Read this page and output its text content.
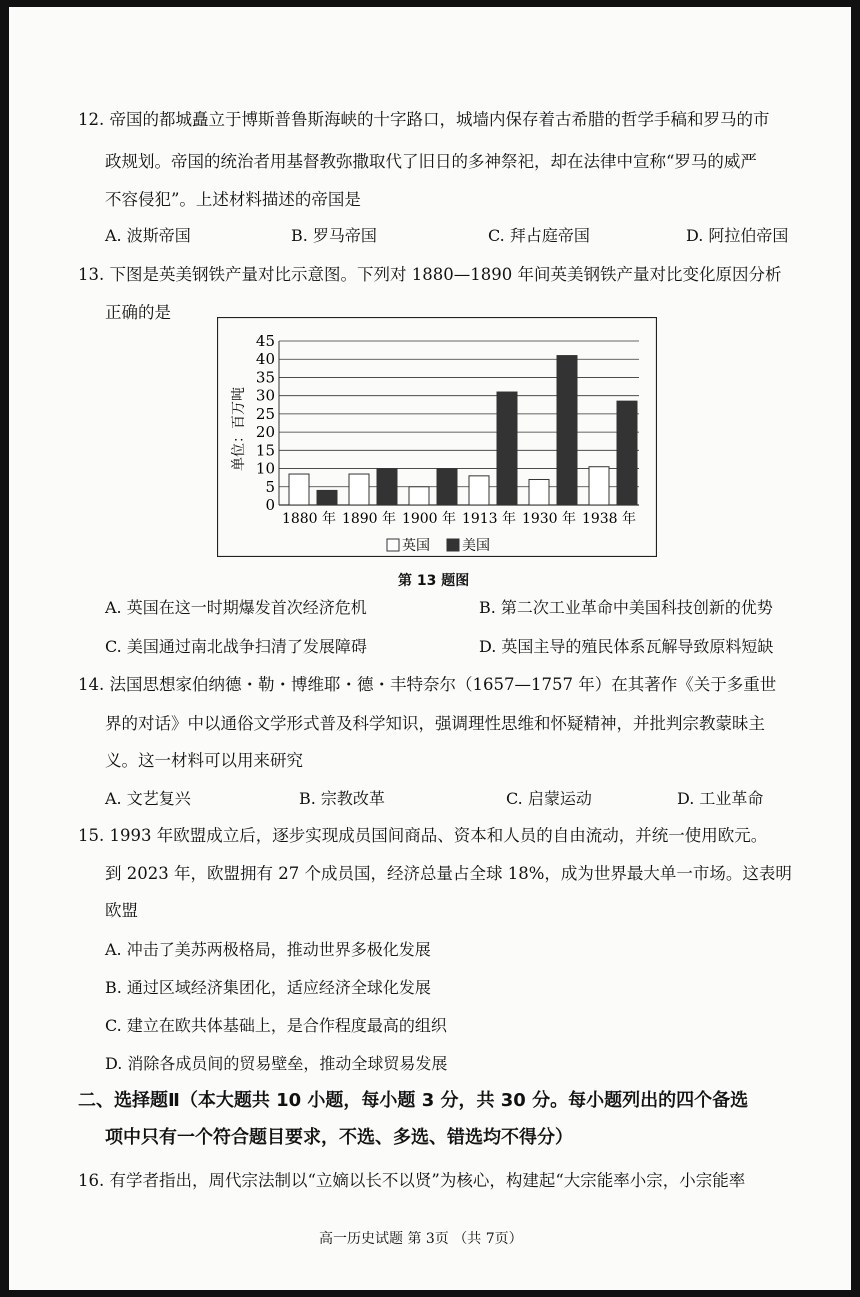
12. 帝国的都城矗立于博斯普鲁斯海峡的十字路口，城墙内保存着古希腊的哲学手稿和罗马的市
政规划。帝国的统治者用基督教弥撒取代了旧日的多神祭祀，却在法律中宣称“罗马的威严
不容侵犯”。上述材料描述的帝国是
A. 波斯帝国	B. 罗马帝国	C. 拜占庭帝国	D. 阿拉伯帝国
13. 下图是英美钢铁产量对比示意图。下列对 1880—1890 年间英美钢铁产量对比变化原因分析
正确的是
单位：百万吨
0
5
10
15
20
25
30
35
40
45
1880 年 1890 年 1900 年 1913 年 1930 年 1938 年
英国 美国
第 13 题图
A. 英国在这一时期爆发首次经济危机	B. 第二次工业革命中美国科技创新的优势
C. 美国通过南北战争扫清了发展障碍	D. 英国主导的殖民体系瓦解导致原料短缺
14. 法国思想家伯纳德・勒・博维耶・德・丰特奈尔（1657—1757 年）在其著作《关于多重世
界的对话》中以通俗文学形式普及科学知识，强调理性思维和怀疑精神，并批判宗教蒙昧主
义。这一材料可以用来研究
A. 文艺复兴	B. 宗教改革	C. 启蒙运动	D. 工业革命
15. 1993 年欧盟成立后，逐步实现成员国间商品、资本和人员的自由流动，并统一使用欧元。
到 2023 年，欧盟拥有 27 个成员国，经济总量占全球 18%，成为世界最大单一市场。这表明
欧盟
A. 冲击了美苏两极格局，推动世界多极化发展
B. 通过区域经济集团化，适应经济全球化发展
C. 建立在欧共体基础上，是合作程度最高的组织
D. 消除各成员间的贸易壁垒，推动全球贸易发展
二、选择题Ⅱ（本大题共 10 小题，每小题 3 分，共 30 分。每小题列出的四个备选
项中只有一个符合题目要求，不选、多选、错选均不得分）
16. 有学者指出，周代宗法制以“立嫡以长不以贤”为核心，构建起“大宗能率小宗，小宗能率
高一历史试题 第 3页 （共 7页）
